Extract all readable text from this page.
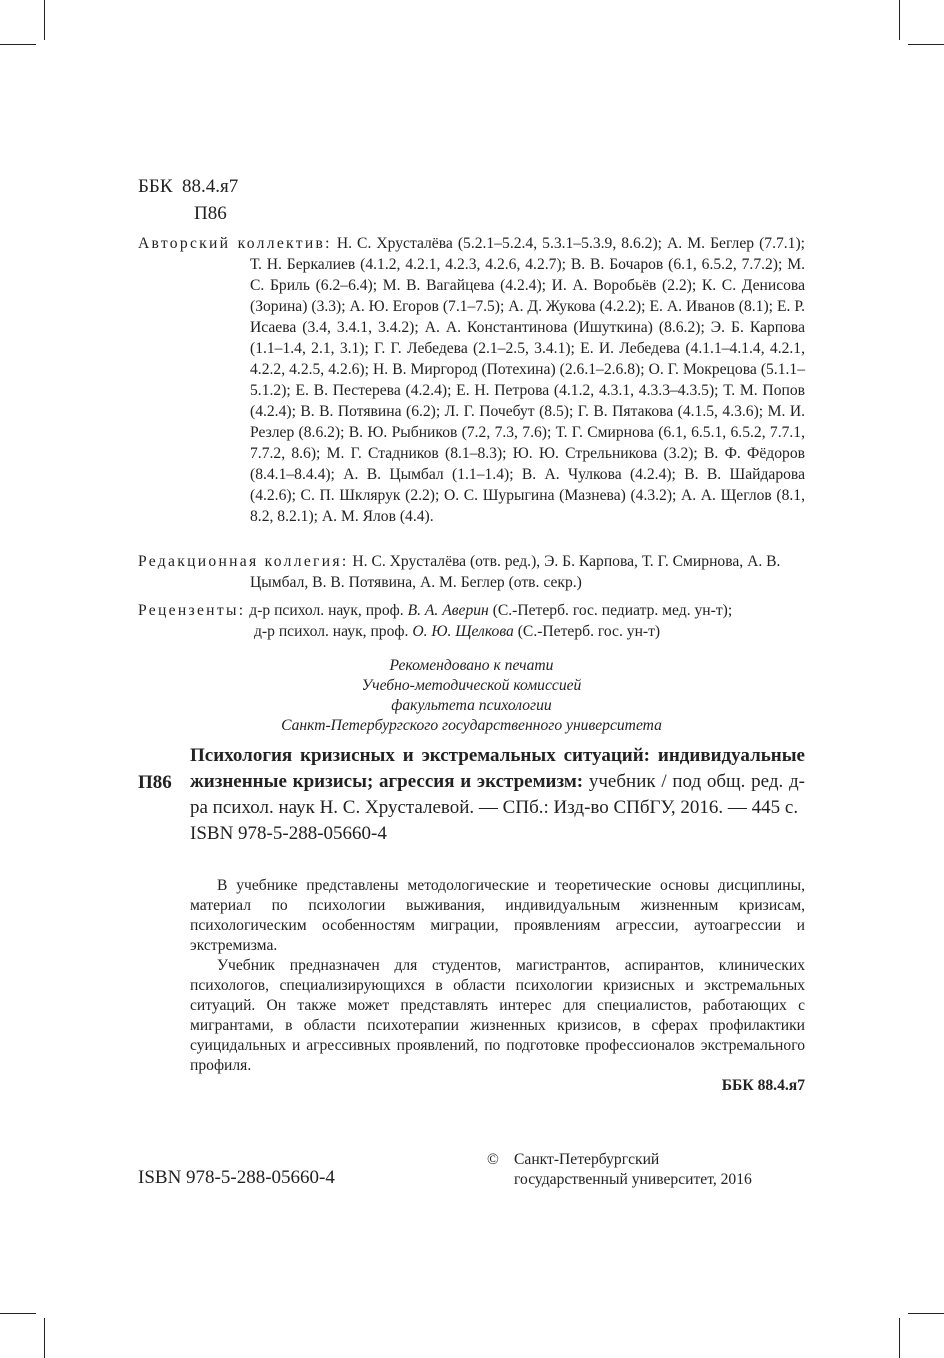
ББК  88.4.я7
П86
Авторский коллектив: Н. С. Хрусталёва (5.2.1–5.2.4, 5.3.1–5.3.9, 8.6.2); А. М. Беглер (7.7.1); Т. Н. Беркалиев (4.1.2, 4.2.1, 4.2.3, 4.2.6, 4.2.7); В. В. Бочаров (6.1, 6.5.2, 7.7.2); М. С. Бриль (6.2–6.4); М. В. Вагайцева (4.2.4); И. А. Воробьёв (2.2); К. С. Денисова (Зорина) (3.3); А. Ю. Егоров (7.1–7.5); А. Д. Жукова (4.2.2); Е. А. Иванов (8.1); Е. Р. Исаева (3.4, 3.4.1, 3.4.2); А. А. Константинова (Ишуткина) (8.6.2); Э. Б. Карпова (1.1–1.4, 2.1, 3.1); Г. Г. Лебедева (2.1–2.5, 3.4.1); Е. И. Лебедева (4.1.1–4.1.4, 4.2.1, 4.2.2, 4.2.5, 4.2.6); Н. В. Миргород (Потехина) (2.6.1–2.6.8); О. Г. Мокрецова (5.1.1–5.1.2); Е. В. Пестерева (4.2.4); Е. Н. Петрова (4.1.2, 4.3.1, 4.3.3–4.3.5); Т. М. Попов (4.2.4); В. В. Потявина (6.2); Л. Г. Почебут (8.5); Г. В. Пятакова (4.1.5, 4.3.6); М. И. Резлер (8.6.2); В. Ю. Рыбников (7.2, 7.3, 7.6); Т. Г. Смирнова (6.1, 6.5.1, 6.5.2, 7.7.1, 7.7.2, 8.6); М. Г. Стадников (8.1–8.3); Ю. Ю. Стрельникова (3.2); В. Ф. Фёдоров (8.4.1–8.4.4); А. В. Цымбал (1.1–1.4); В. А. Чулкова (4.2.4); В. В. Шайдарова (4.2.6); С. П. Шклярук (2.2); О. С. Шурыгина (Мазнева) (4.3.2); А. А. Щеглов (8.1, 8.2, 8.2.1); А. М. Ялов (4.4).
Редакционная коллегия: Н. С. Хрусталёва (отв. ред.), Э. Б. Карпова, Т. Г. Смирнова, А. В. Цымбал, В. В. Потявина, А. М. Беглер (отв. секр.)
Рецензенты: д-р психол. наук, проф. В. А. Аверин (С.-Петерб. гос. педиатр. мед. ун-т);
д-р психол. наук, проф. О. Ю. Щелкова (С.-Петерб. гос. ун-т)
Рекомендовано к печати
Учебно-методической комиссией
факультета психологии
Санкт-Петербургского государственного университета
П86
Психология кризисных и экстремальных ситуаций: индивидуальные жизненные кризисы; агрессия и экстремизм: учебник / под общ. ред. д-ра психол. наук Н. С. Хрусталевой. — СПб.: Изд-во СПбГУ, 2016. — 445 с.
ISBN 978-5-288-05660-4

В учебнике представлены методологические и теоретические основы дисциплины, материал по психологии выживания, индивидуальным жизненным кризисам, психологическим особенностям миграции, проявлениям агрессии, аутоагрессии и экстремизма.

Учебник предназначен для студентов, магистрантов, аспирантов, клинических психологов, специализирующихся в области психологии кризисных и экстремальных ситуаций. Он также может представлять интерес для специалистов, работающих с мигрантами, в области психотерапии жизненных кризисов, в сферах профилактики суицидальных и агрессивных проявлений, по подготовке профессионалов экстремального профиля.

ББК 88.4.я7
ISBN 978-5-288-05660-4
© Санкт-Петербургский
государственный университет, 2016
